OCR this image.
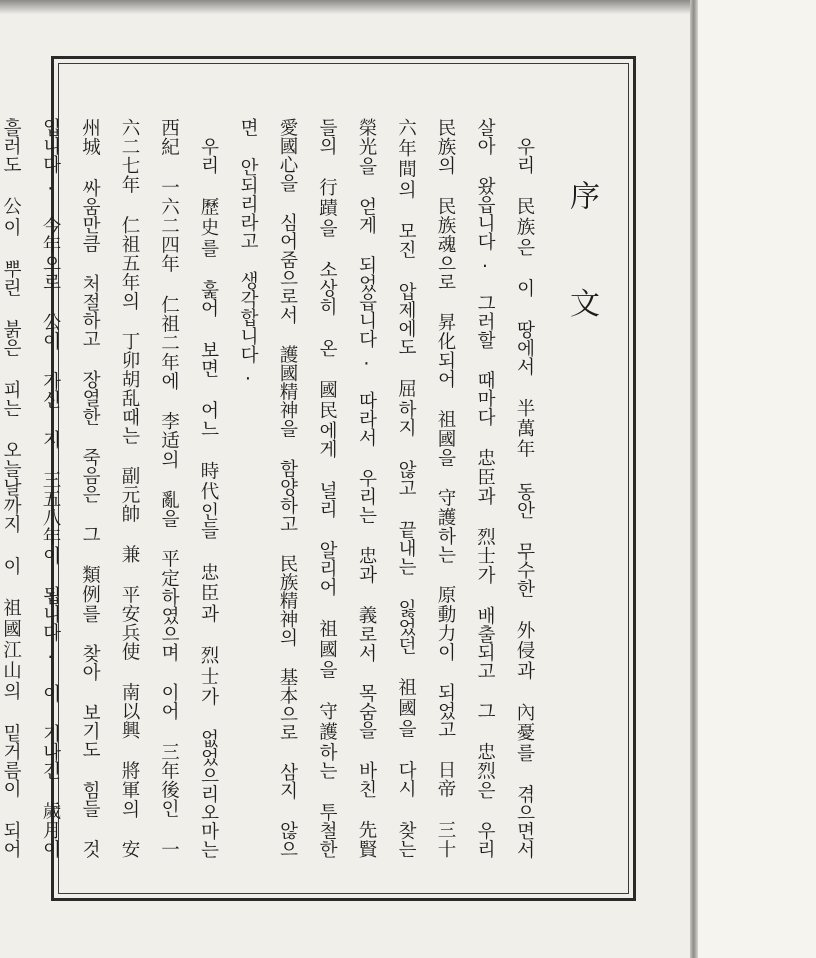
序 文

우리 民族은 이 땅에서 半萬年 동안 무수한 外侵과 內憂를 겪으면서 살아 왔읍니다. 그러할 때마다 忠臣과 烈士가 배출되고 그 忠烈은 우리 民族의 民族魂으로 昇化되어 祖國을 守護하는 原動力이 되었고 日帝 三十六年間의 모진 압제에도 屈하지 않고 끝내는 잃었던 祖國을 다시 찾는 榮光을 얻게 되었읍니다. 따라서 우리는 忠과 義로서 목숨을 바친 先賢들의 行蹟을 소상히 온 國民에게 널리 알리어 祖國을 守護하는 투철한 愛國心을 심어줌으로서 護國精神을 함양하고 民族精神의 基本으로 삼지 않으면 안되리라고 생각합니다.

우리 歷史를 훑어 보면 어느 時代인들 忠臣과 烈士가 없었으리오마는 西紀 一六二四年 仁祖二年에 李适의 亂을 平定하였으며 이어 三年後인 一六二七年 仁祖五年의 丁卯胡乱때는 副元帥 兼 平安兵使 南以興 將軍의 安州城 싸움만큼 처절하고 장열한 죽음은 그 類例를 찾아 보기도 힘들 것입니다. 今年으로 公이 가신 지 三五八年이 됩니다. 이 기나긴 歲月이 흘러도 公이 뿌린 붉은 피는 오늘날까지 이 祖國江山의 밑거름이 되어
